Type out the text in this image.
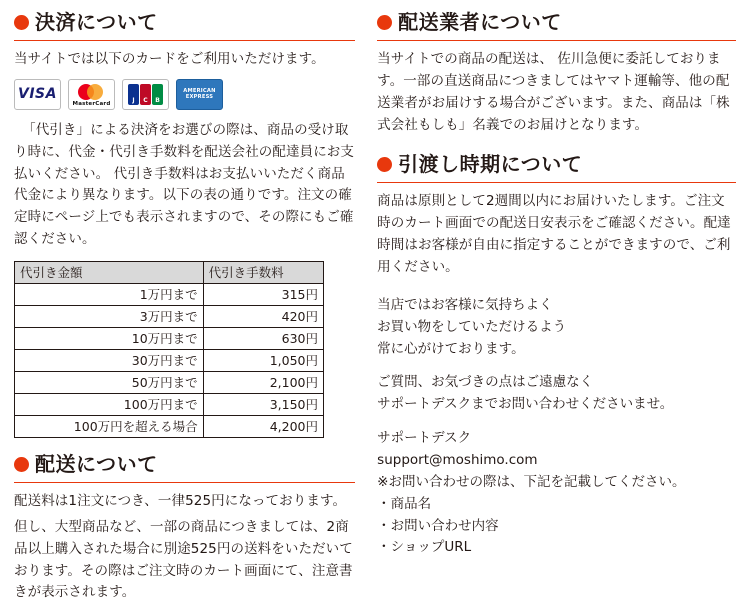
決済について

当サイトでは以下のカードをご利用いただけます。

VISA
MasterCard	J	C	B
AMERICAN
EXPRESS

「代引き」による決済をお選びの際は、商品の受け取り時に、代金・代引き手数料を配送会社の配達員にお支払いください。 代引き手数料はお支払いいただく商品代金により異なります。以下の表の通りです。注文の確定時にページ上でも表示されますので、その際にもご確認ください。

代引き金額	代引き手数料
1万円まで	315円
3万円まで	420円
10万円まで	630円
30万円まで	1,050円
50万円まで	2,100円
100万円まで	3,150円
100万円を超える場合	4,200円
配送について

配送料は1注文につき、一律525円になっております。

但し、大型商品など、一部の商品につきましては、2商品以上購入された場合に別途525円の送料をいただいております。その際はご注文時のカート画面にて、注意書きが表示されます。

配送業者について

当サイトでの商品の配送は、 佐川急便に委託しております。一部の直送商品につきましてはヤマト運輸等、他の配送業者がお届けする場合がございます。また、商品は「株式会社もしも」名義でのお届けとなります。

引渡し時期について

商品は原則として2週間以内にお届けいたします。ご注文時のカート画面での配送日安表示をご確認ください。配達時間はお客様が自由に指定することができますので、ご利用ください。

当店ではお客様に気持ちよく
お買い物をしていただけるよう
常に心がけております。
ご質問、お気づきの点はご遠慮なく
サポートデスクまでお問い合わせくださいませ。
サポートデスク
support@moshimo.com
※お問い合わせの際は、下記を記載してください。
・ 商品名
・ お問い合わせ内容
・ ショップURL
